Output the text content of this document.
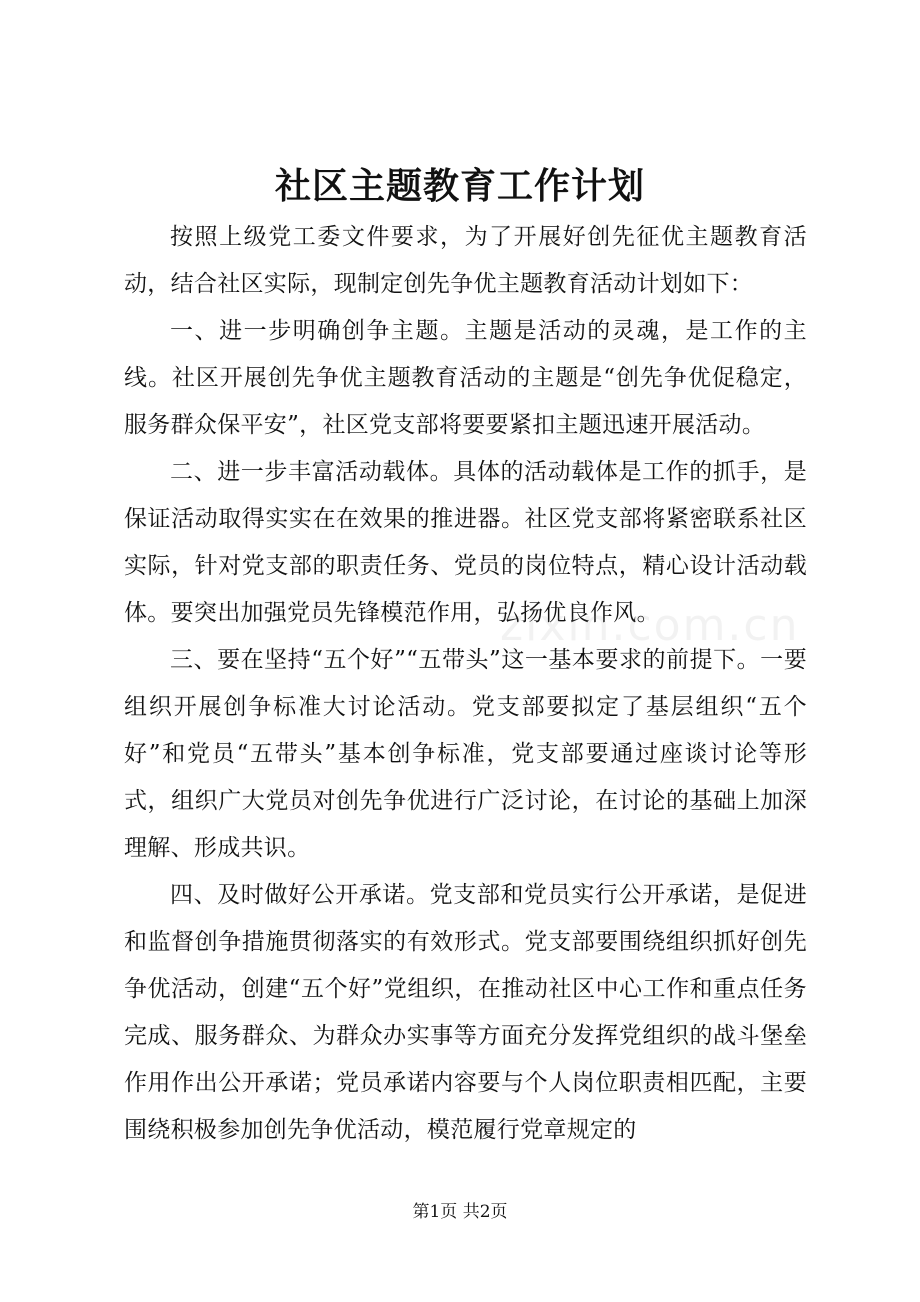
社区主题教育工作计划

按照上级党工委文件要求，为了开展好创先征优主题教育活动，结合社区实际，现制定创先争优主题教育活动计划如下：

一、进一步明确创争主题。主题是活动的灵魂，是工作的主线。社区开展创先争优主题教育活动的主题是“创先争优促稳定，服务群众保平安”，社区党支部将要要紧扣主题迅速开展活动。

二、进一步丰富活动载体。具体的活动载体是工作的抓手，是保证活动取得实实在在效果的推进器。社区党支部将紧密联系社区实际，针对党支部的职责任务、党员的岗位特点，精心设计活动载体。要突出加强党员先锋模范作用，弘扬优良作风。

三、要在坚持“五个好”“五带头”这一基本要求的前提下。一要组织开展创争标准大讨论活动。党支部要拟定了基层组织“五个好”和党员“五带头”基本创争标准，党支部要通过座谈讨论等形式，组织广大党员对创先争优进行广泛讨论，在讨论的基础上加深理解、形成共识。

四、及时做好公开承诺。党支部和党员实行公开承诺，是促进和监督创争措施贯彻落实的有效形式。党支部要围绕组织抓好创先争优活动，创建“五个好”党组织，在推动社区中心工作和重点任务完成、服务群众、为群众办实事等方面充分发挥党组织的战斗堡垒作用作出公开承诺；党员承诺内容要与个人岗位职责相匹配，主要围绕积极参加创先争优活动，模范履行党章规定的

zixin.com.cn
第1页 共2页
